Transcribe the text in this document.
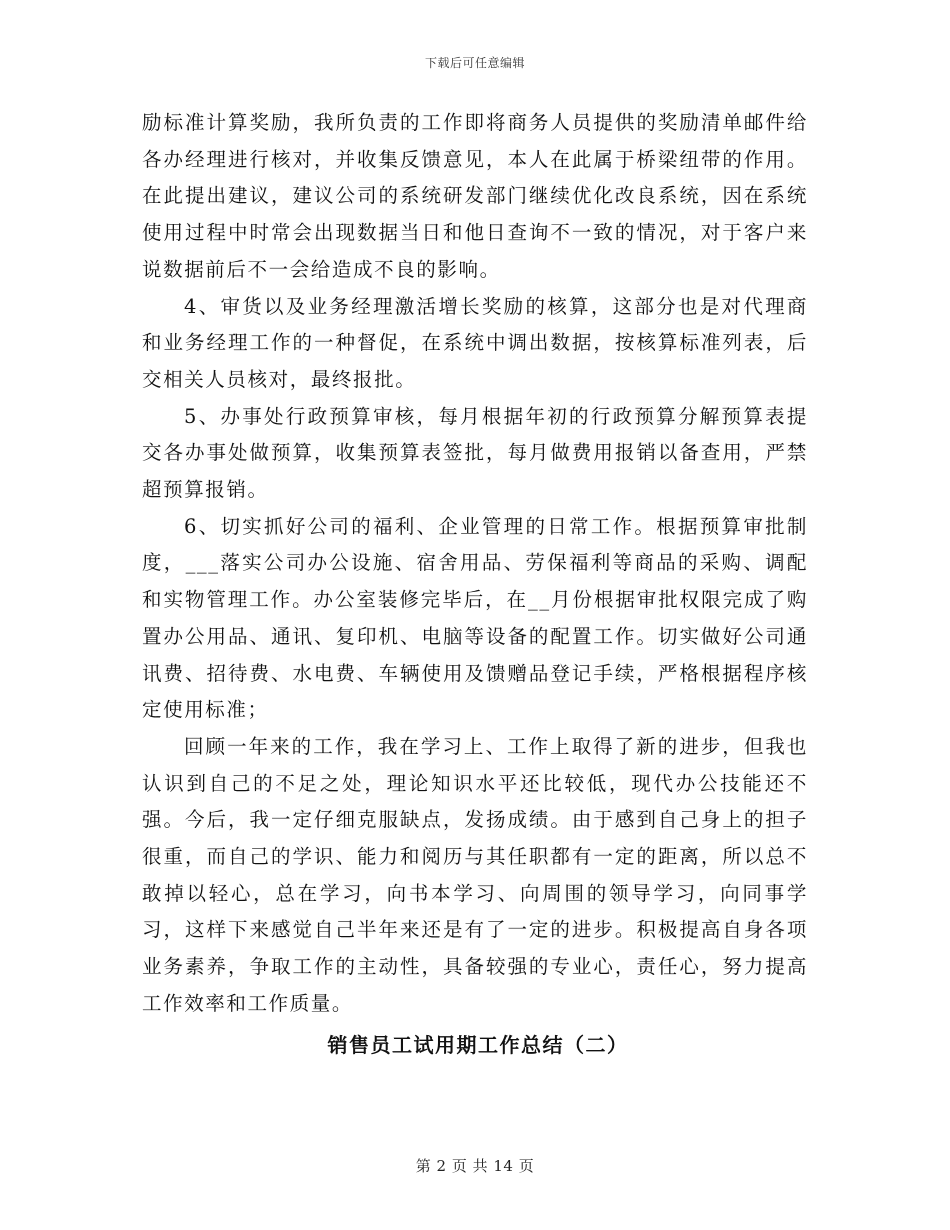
下载后可任意编辑

励标准计算奖励，我所负责的工作即将商务人员提供的奖励清单邮件给各办经理进行核对，并收集反馈意见，本人在此属于桥梁纽带的作用。在此提出建议，建议公司的系统研发部门继续优化改良系统，因在系统使用过程中时常会出现数据当日和他日查询不一致的情况，对于客户来说数据前后不一会给造成不良的影响。

4、审货以及业务经理激活增长奖励的核算，这部分也是对代理商和业务经理工作的一种督促，在系统中调出数据，按核算标准列表，后交相关人员核对，最终报批。

5、办事处行政预算审核，每月根据年初的行政预算分解预算表提交各办事处做预算，收集预算表签批，每月做费用报销以备查用，严禁超预算报销。

6、切实抓好公司的福利、企业管理的日常工作。根据预算审批制度，___落实公司办公设施、宿舍用品、劳保福利等商品的采购、调配和实物管理工作。办公室装修完毕后，在__月份根据审批权限完成了购置办公用品、通讯、复印机、电脑等设备的配置工作。切实做好公司通讯费、招待费、水电费、车辆使用及馈赠品登记手续，严格根据程序核定使用标准；

回顾一年来的工作，我在学习上、工作上取得了新的进步，但我也认识到自己的不足之处，理论知识水平还比较低，现代办公技能还不强。今后，我一定仔细克服缺点，发扬成绩。由于感到自己身上的担子很重，而自己的学识、能力和阅历与其任职都有一定的距离，所以总不敢掉以轻心，总在学习，向书本学习、向周围的领导学习，向同事学习，这样下来感觉自己半年来还是有了一定的进步。积极提高自身各项业务素养，争取工作的主动性，具备较强的专业心，责任心，努力提高工作效率和工作质量。

销售员工试用期工作总结（二）
第 2 页 共 14 页
